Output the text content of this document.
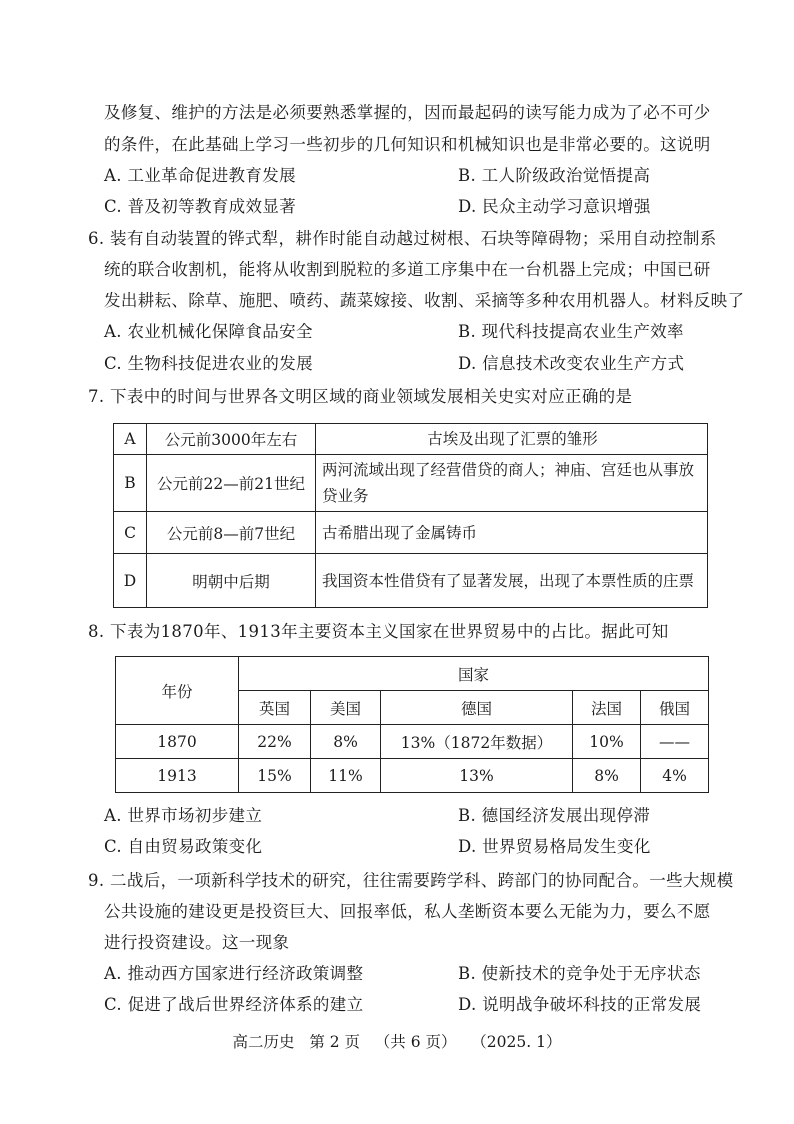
及修复、维护的方法是必须要熟悉掌握的，因而最起码的读写能力成为了必不可少
的条件，在此基础上学习一些初步的几何知识和机械知识也是非常必要的。这说明
A. 工业革命促进教育发展	B. 工人阶级政治觉悟提高
C. 普及初等教育成效显著	D. 民众主动学习意识增强
6. 装有自动装置的铧式犁，耕作时能自动越过树根、石块等障碍物；采用自动控制系
统的联合收割机，能将从收割到脱粒的多道工序集中在一台机器上完成；中国已研
发出耕耘、除草、施肥、喷药、蔬菜嫁接、收割、采摘等多种农用机器人。材料反映了
A. 农业机械化保障食品安全	B. 现代科技提高农业生产效率
C. 生物科技促进农业的发展	D. 信息技术改变农业生产方式
7. 下表中的时间与世界各文明区域的商业领域发展相关史实对应正确的是
A	公元前3000年左右	古埃及出现了汇票的雏形
B	公元前22—前21世纪	两河流域出现了经营借贷的商人；神庙、宫廷也从事放贷业务
C	公元前8—前7世纪	古希腊出现了金属铸币
D	明朝中后期	我国资本性借贷有了显著发展，出现了本票性质的庄票
8. 下表为1870年、1913年主要资本主义国家在世界贸易中的占比。据此可知
年份	国家				
	英国	美国	德国	法国	俄国
1870	22%	8%	13%（1872年数据）	10%	——
1913	15%	11%	13%	8%	4%
A. 世界市场初步建立	B. 德国经济发展出现停滞
C. 自由贸易政策变化	D. 世界贸易格局发生变化
9. 二战后，一项新科学技术的研究，往往需要跨学科、跨部门的协同配合。一些大规模
公共设施的建设更是投资巨大、回报率低，私人垄断资本要么无能为力，要么不愿
进行投资建设。这一现象
A. 推动西方国家进行经济政策调整	B. 使新技术的竞争处于无序状态
C. 促进了战后世界经济体系的建立	D. 说明战争破坏科技的正常发展
高二历史   第 2 页   （共 6 页）   （2025. 1）
